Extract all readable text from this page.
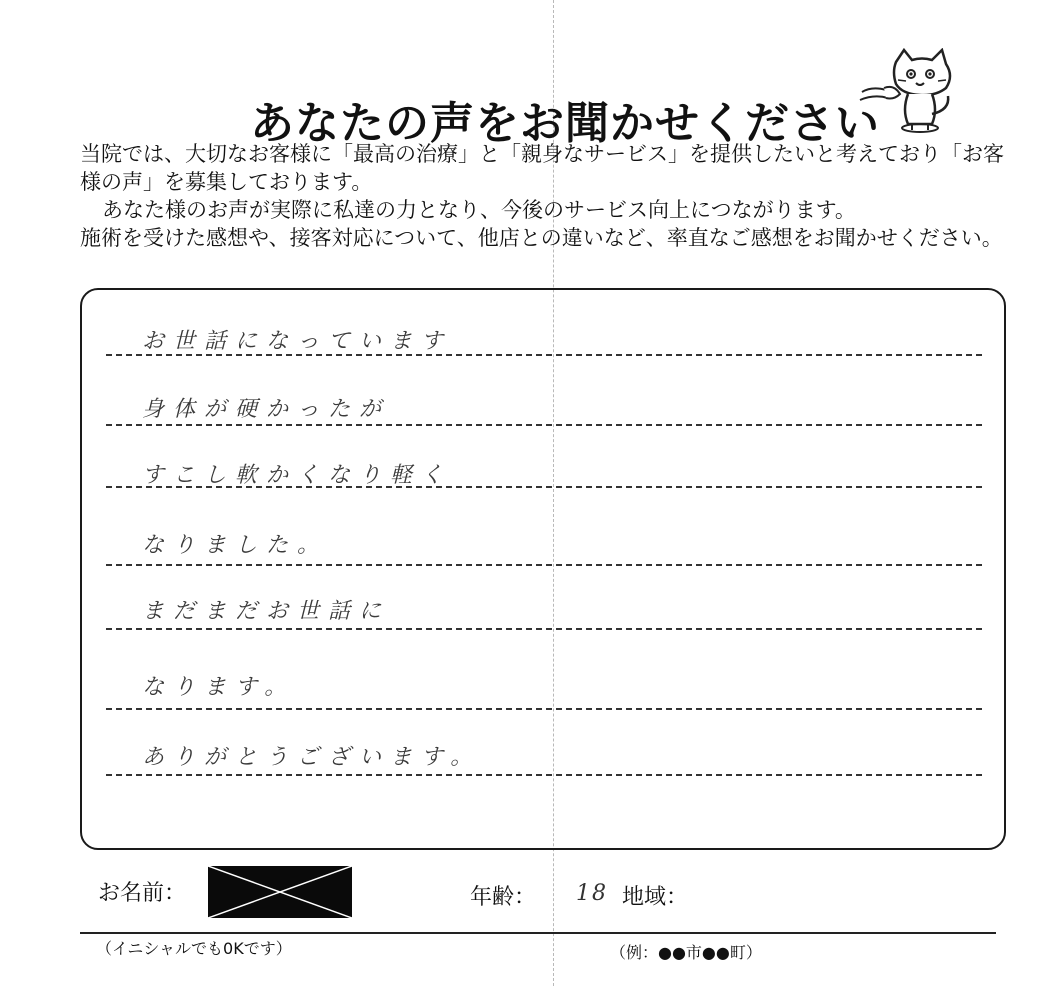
あなたの声をお聞かせください

当院では、大切なお客様に「最高の治療」と「親身なサービス」を提供したいと考えており「お客様の声」を募集しております。

あなた様のお声が実際に私達の力となり、今後のサービス向上につながります。

施術を受けた感想や、接客対応について、他店との違いなど、率直なご感想をお聞かせください。

お世話になっています
身体が硬かったが
すこし軟かくなり軽く
なりました。
まだまだお世話に
なります。
ありがとうございます。
お名前：	年齢： 18 地域：
（イニシャルでも0Kです）	（例：●●市●●町）
